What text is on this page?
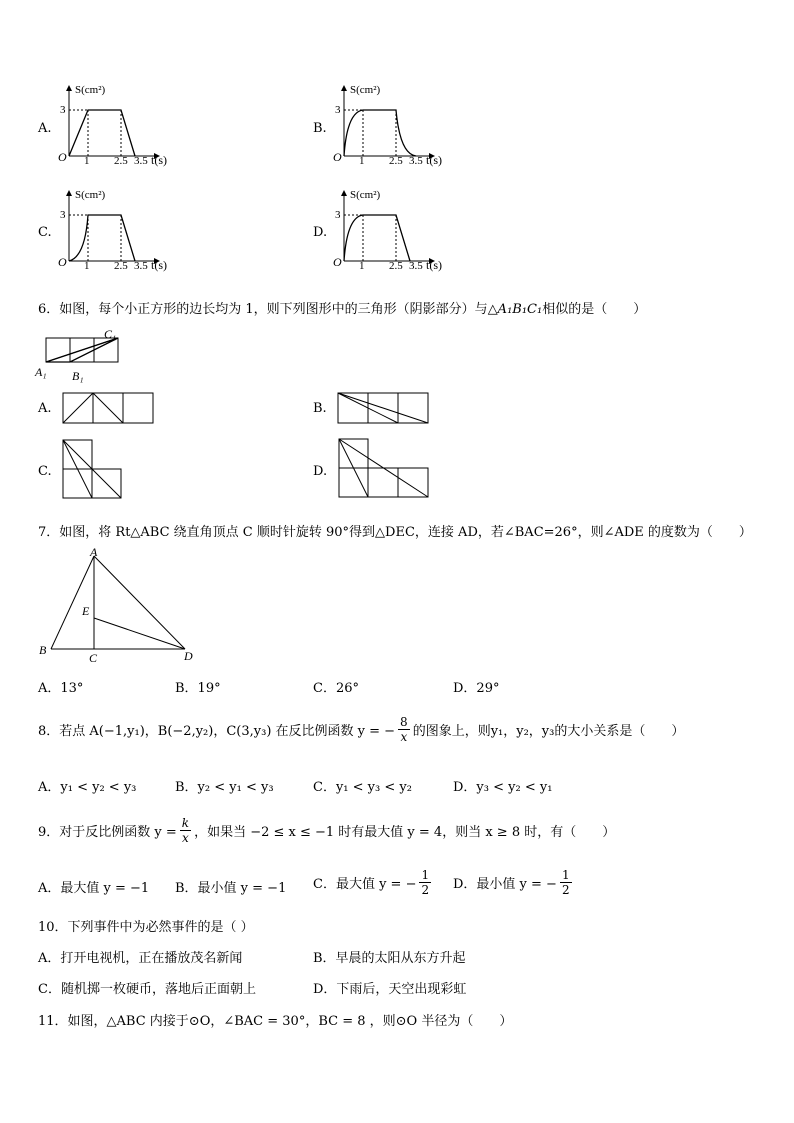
A.
S(cm²)
3
O 1 2.5 3.5 t(s)
B.
S(cm²)
3
O 1 2.5 3.5 t(s)
C.
S(cm²)
3
O 1 2.5 3.5 t(s)
D.
S(cm²)
3
O 1 2.5 3.5 t(s)
6．如图，每个小正方形的边长均为 1，则下列图形中的三角形（阴影部分）与△A₁B₁C₁相似的是（　　）
A₁ B₁
C₁
A.	B.
C.	D.
7．如图，将 Rt△ABC 绕直角顶点 C 顺时针旋转 90°得到△DEC，连接 AD，若∠BAC=26°，则∠ADE 的度数为（　　）
A
B
C	D
E
A．13°	B．19°	C．26°	D．29°
8．若点 A(−1,y₁)，B(−2,y₂)，C(3,y₃) 在反比例函数 y = − $\frac{8}{x}$ 的图象上，则y₁，y₂，y₃的大小关系是（　　）
A．y₁ < y₂ < y₃	B．y₂ < y₁ < y₃	C．y₁ < y₃ < y₂	D．y₃ < y₂ < y₁
9．对于反比例函数 $y = \frac{k}{x}$ ，如果当 −2 ≤ x ≤ −1 时有最大值 y = 4，则当 x ≥ 8 时，有（　　）
A．最大值 y = −1 B．最小值 y = −1 C．最大值 y = − $\frac{1}{2}$ D．最小值 y = − $\frac{1}{2}$
10．下列事件中为必然事件的是（ ）
A．打开电视机，正在播放茂名新闻	B．早晨的太阳从东方升起
C．随机掷一枚硬币，落地后正面朝上	D．下雨后，天空出现彩虹
11．如图，△ABC 内接于⊙O，∠BAC = 30°，BC = 8 ，则⊙O 半径为（　　）
